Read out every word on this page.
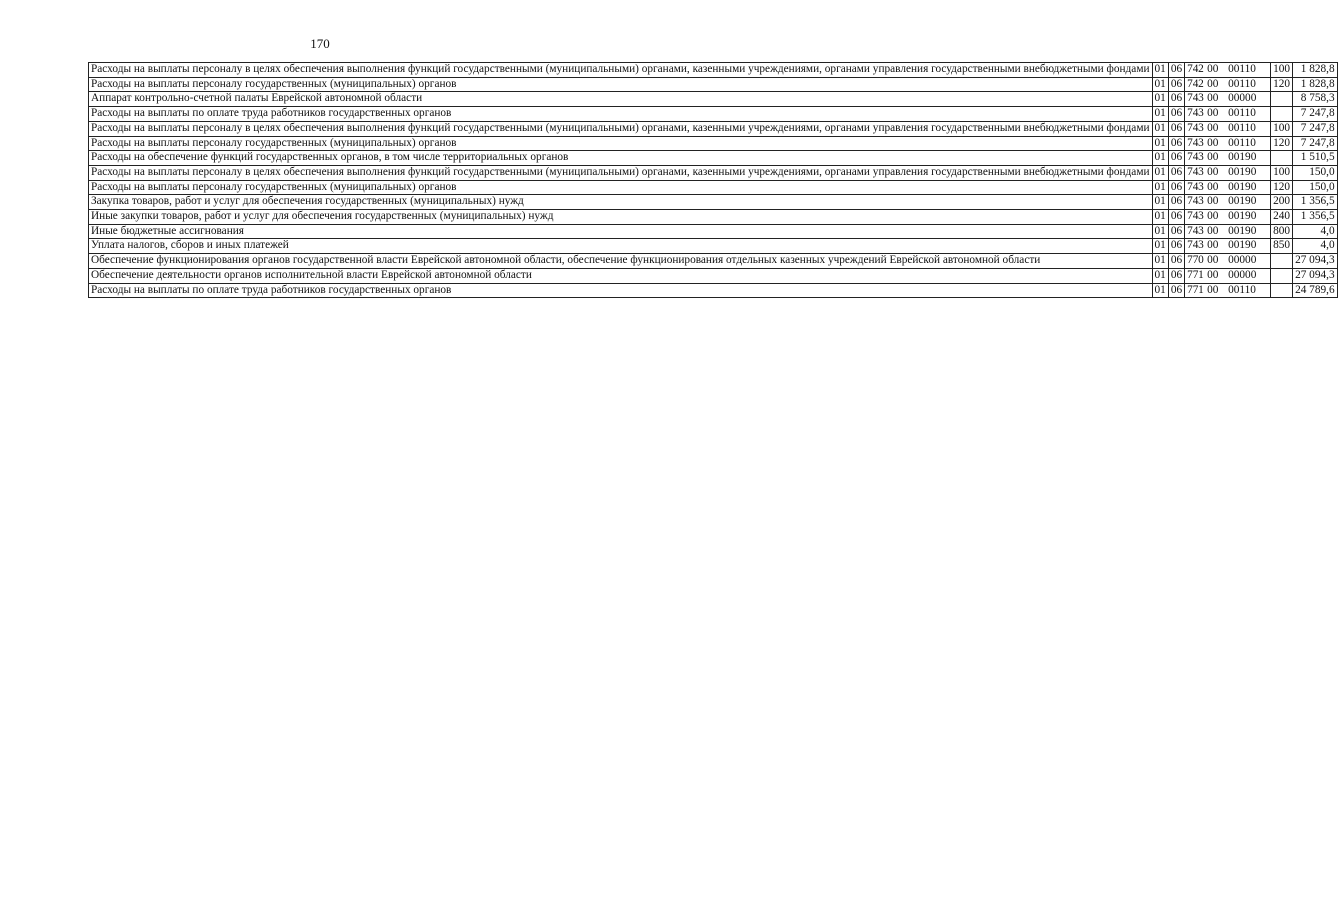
170
Расходы на выплаты персоналу в целях обеспечения выполнения функций государственными (муниципальными) органами, казенными учреждениями, органами управления государственными внебюджетными фондами	01	06	742 00 00110	100	1 828,8
Расходы на выплаты персоналу государственных (муниципальных) органов	01	06	742 00 00110	120	1 828,8
Аппарат контрольно-счетной палаты Еврейской автономной области	01	06	743 00 00000		8 758,3
Расходы на выплаты по оплате труда работников государственных органов	01	06	743 00 00110		7 247,8
Расходы на выплаты персоналу в целях обеспечения выполнения функций государственными (муниципальными) органами, казенными учреждениями, органами управления государственными внебюджетными фондами	01	06	743 00 00110	100	7 247,8
Расходы на выплаты персоналу государственных (муниципальных) органов	01	06	743 00 00110	120	7 247,8
Расходы на обеспечение функций государственных органов, в том числе территориальных органов	01	06	743 00 00190		1 510,5
Расходы на выплаты персоналу в целях обеспечения выполнения функций государственными (муниципальными) органами, казенными учреждениями, органами управления государственными внебюджетными фондами	01	06	743 00 00190	100	150,0
Расходы на выплаты персоналу государственных (муниципальных) органов	01	06	743 00 00190	120	150,0
Закупка товаров, работ и услуг для обеспечения государственных (муниципальных) нужд	01	06	743 00 00190	200	1 356,5
Иные закупки товаров, работ и услуг для обеспечения государственных (муниципальных) нужд	01	06	743 00 00190	240	1 356,5
Иные бюджетные ассигнования	01	06	743 00 00190	800	4,0
Уплата налогов, сборов и иных платежей	01	06	743 00 00190	850	4,0
Обеспечение функционирования органов государственной власти Еврейской автономной области, обеспечение функционирования отдельных казенных учреждений Еврейской автономной области	01	06	770 00 00000		27 094,3
Обеспечение деятельности органов исполнительной власти Еврейской автономной области	01	06	771 00 00000		27 094,3
Расходы на выплаты по оплате труда работников государственных органов	01	06	771 00 00110		24 789,6
